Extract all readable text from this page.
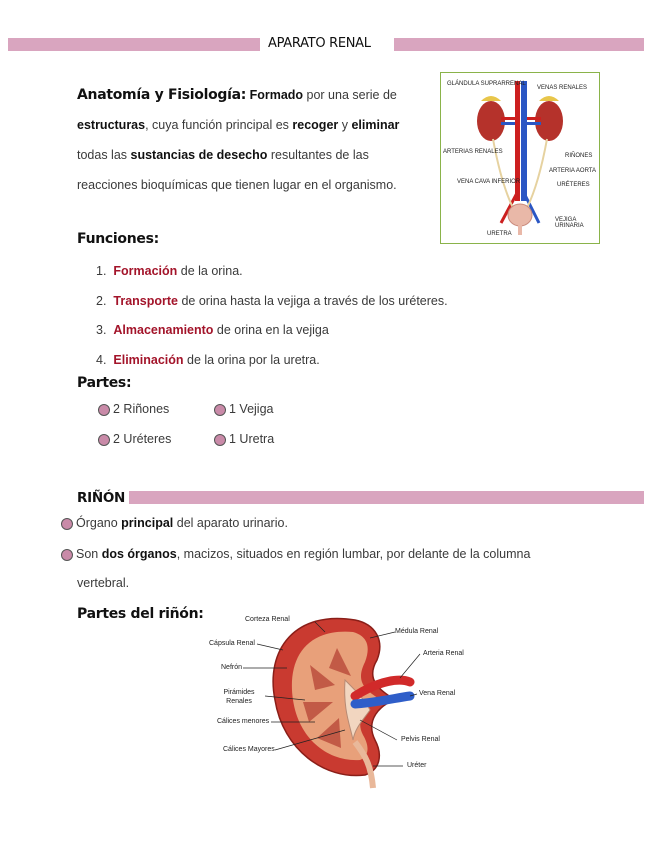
APARATO RENAL
Anatomía y Fisiología: Formado por una serie de
estructuras, cuya función principal es recoger y eliminar
todas las sustancias de desecho resultantes de las
reacciones bioquímicas que tienen lugar en el organismo.
GLÁNDULA SUPRARRENAL
VENAS RENALES
ARTERIAS RENALES
RIÑONES
ARTERIA AORTA
VENA CAVA INFERIOR	URÉTERES
VEJIGA URINARIA
URETRA
Funciones:
1. Formación de la orina.
2. Transporte de orina hasta la vejiga a través de los uréteres.
3. Almacenamiento de orina en la vejiga
4. Eliminación de la orina por la uretra.
Partes:
2 Riñones	1 Vejiga
2 Uréteres	1 Uretra
RIÑÓN
Órgano principal del aparato urinario.
Son dos órganos, macizos, situados en región lumbar, por delante de la columna
vertebral.
Partes del riñón:	Corteza Renal
Médula Renal
Cápsula Renal
Arteria Renal
Nefrón
Pirámides Renales
Vena Renal
Cálices menores
Pelvis Renal
Cálices Mayores
Uréter
